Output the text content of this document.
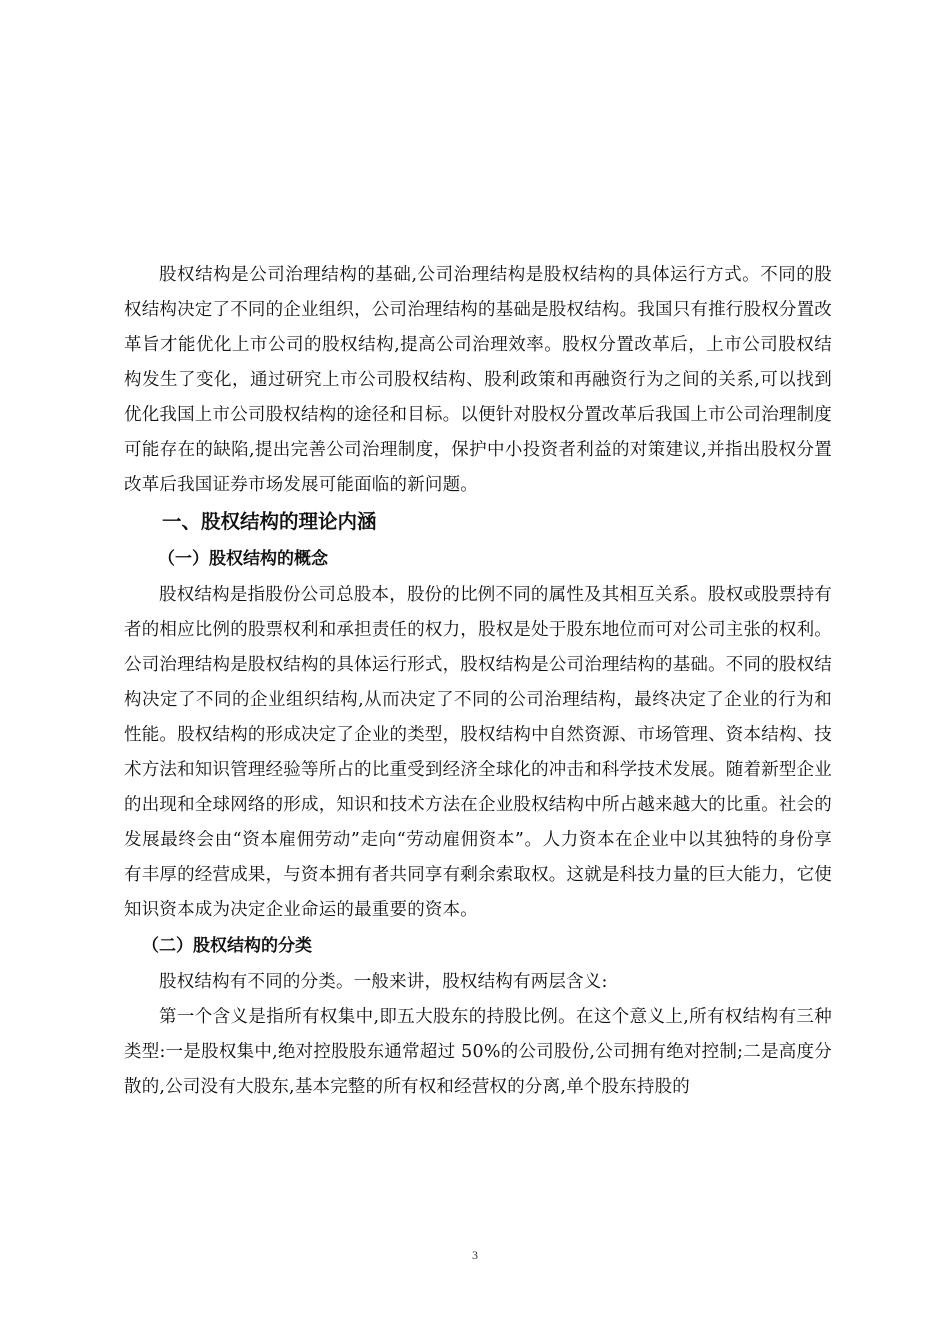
股权结构是公司治理结构的基础,公司治理结构是股权结构的具体运行方式。不同的股权结构决定了不同的企业组织，公司治理结构的基础是股权结构。我国只有推行股权分置改革旨才能优化上市公司的股权结构,提高公司治理效率。股权分置改革后，上市公司股权结构发生了变化，通过研究上市公司股权结构、股利政策和再融资行为之间的关系,可以找到优化我国上市公司股权结构的途径和目标。以便针对股权分置改革后我国上市公司治理制度可能存在的缺陷,提出完善公司治理制度，保护中小投资者利益的对策建议,并指出股权分置改革后我国证券市场发展可能面临的新问题。

一、股权结构的理论内涵

（一）股权结构的概念

股权结构是指股份公司总股本，股份的比例不同的属性及其相互关系。股权或股票持有者的相应比例的股票权利和承担责任的权力，股权是处于股东地位而可对公司主张的权利。公司治理结构是股权结构的具体运行形式，股权结构是公司治理结构的基础。不同的股权结构决定了不同的企业组织结构,从而决定了不同的公司治理结构，最终决定了企业的行为和性能。股权结构的形成决定了企业的类型，股权结构中自然资源、市场管理、资本结构、技术方法和知识管理经验等所占的比重受到经济全球化的冲击和科学技术发展。随着新型企业的出现和全球网络的形成，知识和技术方法在企业股权结构中所占越来越大的比重。社会的发展最终会由“资本雇佣劳动”走向“劳动雇佣资本”。人力资本在企业中以其独特的身份享有丰厚的经营成果，与资本拥有者共同享有剩余索取权。这就是科技力量的巨大能力，它使知识资本成为决定企业命运的最重要的资本。

（二）股权结构的分类

股权结构有不同的分类。一般来讲，股权结构有两层含义:

第一个含义是指所有权集中,即五大股东的持股比例。在这个意义上,所有权结构有三种类型:一是股权集中,绝对控股股东通常超过 50%的公司股份,公司拥有绝对控制;二是高度分散的,公司没有大股东,基本完整的所有权和经营权的分离,单个股东持股的

3
